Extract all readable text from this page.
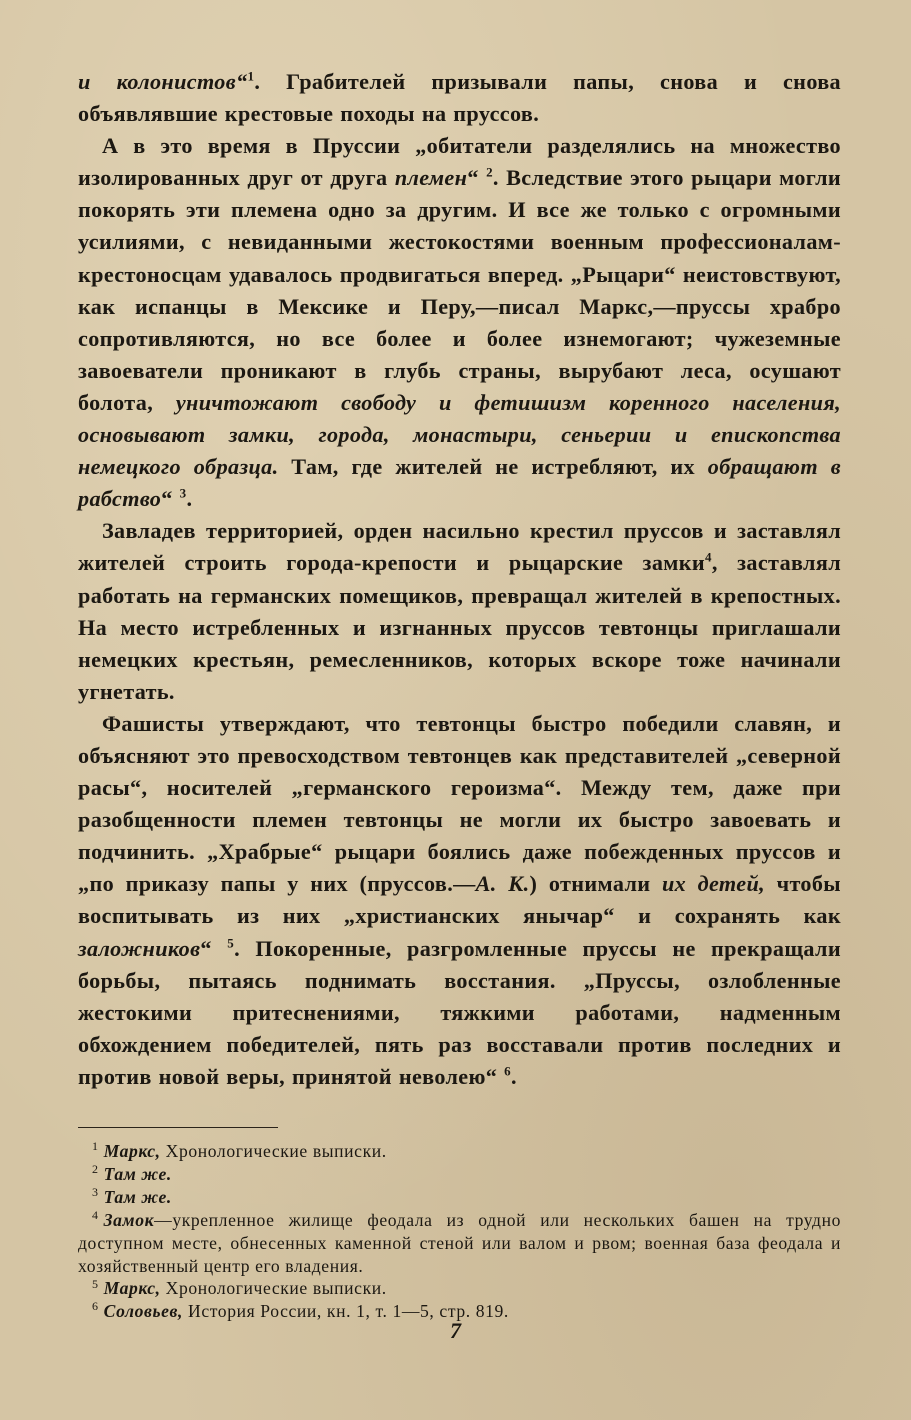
и колонистов“$^1$. Грабителей призывали папы, снова и снова объявлявшие крестовые походы на пруссов.

А в это время в Пруссии „обитатели разделялись на множество изолированных друг от друга племен“ $^2$. Вследствие этого рыцари могли покорять эти племена одно за другим. И все же только с огромными усилиями, с невиданными жестокостями военным профессионалам-крестоносцам удавалось продвигаться вперед. „Рыцари“ неистовствуют, как испанцы в Мексике и Перу,—писал Маркс,—пруссы храбро сопротивляются, но все более и более изнемогают; чужеземные завоеватели проникают в глубь страны, вырубают леса, осушают болота, уничтожают свободу и фетишизм коренного населения, основывают замки, города, монастыри, сеньерии и епископства немецкого образца. Там, где жителей не истребляют, их обращают в рабство“ $^3$.

Завладев территорией, орден насильно крестил пруссов и заставлял жителей строить города-крепости и рыцарские замки$^4$, заставлял работать на германских помещиков, превращал жителей в крепостных. На место истребленных и изгнанных пруссов тевтонцы приглашали немецких крестьян, ремесленников, которых вскоре тоже начинали угнетать.

Фашисты утверждают, что тевтонцы быстро победили славян, и объясняют это превосходством тевтонцев как представителей „северной расы“, носителей „германского героизма“. Между тем, даже при разобщенности племен тевтонцы не могли их быстро завоевать и подчинить. „Храбрые“ рыцари боялись даже побежденных пруссов и „по приказу папы у них (пруссов.—А. К.) отнимали их детей, чтобы воспитывать из них „христианских янычар“ и сохранять как заложников“ $^5$. Покоренные, разгромленные пруссы не прекращали борьбы, пытаясь поднимать восстания. „Пруссы, озлобленные жестокими притеснениями, тяжкими работами, надменным обхождением победителей, пять раз восставали против последних и против новой веры, принятой неволею“ $^6$.

$^1$ Маркс, Хронологические выписки.

$^2$ Там же.

$^3$ Там же.

$^4$ Замок—укрепленное жилище феодала из одной или нескольких башен на трудно доступном месте, обнесенных каменной стеной или валом и рвом; военная база феодала и хозяйственный центр его владения.

$^5$ Маркс, Хронологические выписки.

$^6$ Соловьев, История России, кн. 1, т. 1—5, стр. 819.

7
